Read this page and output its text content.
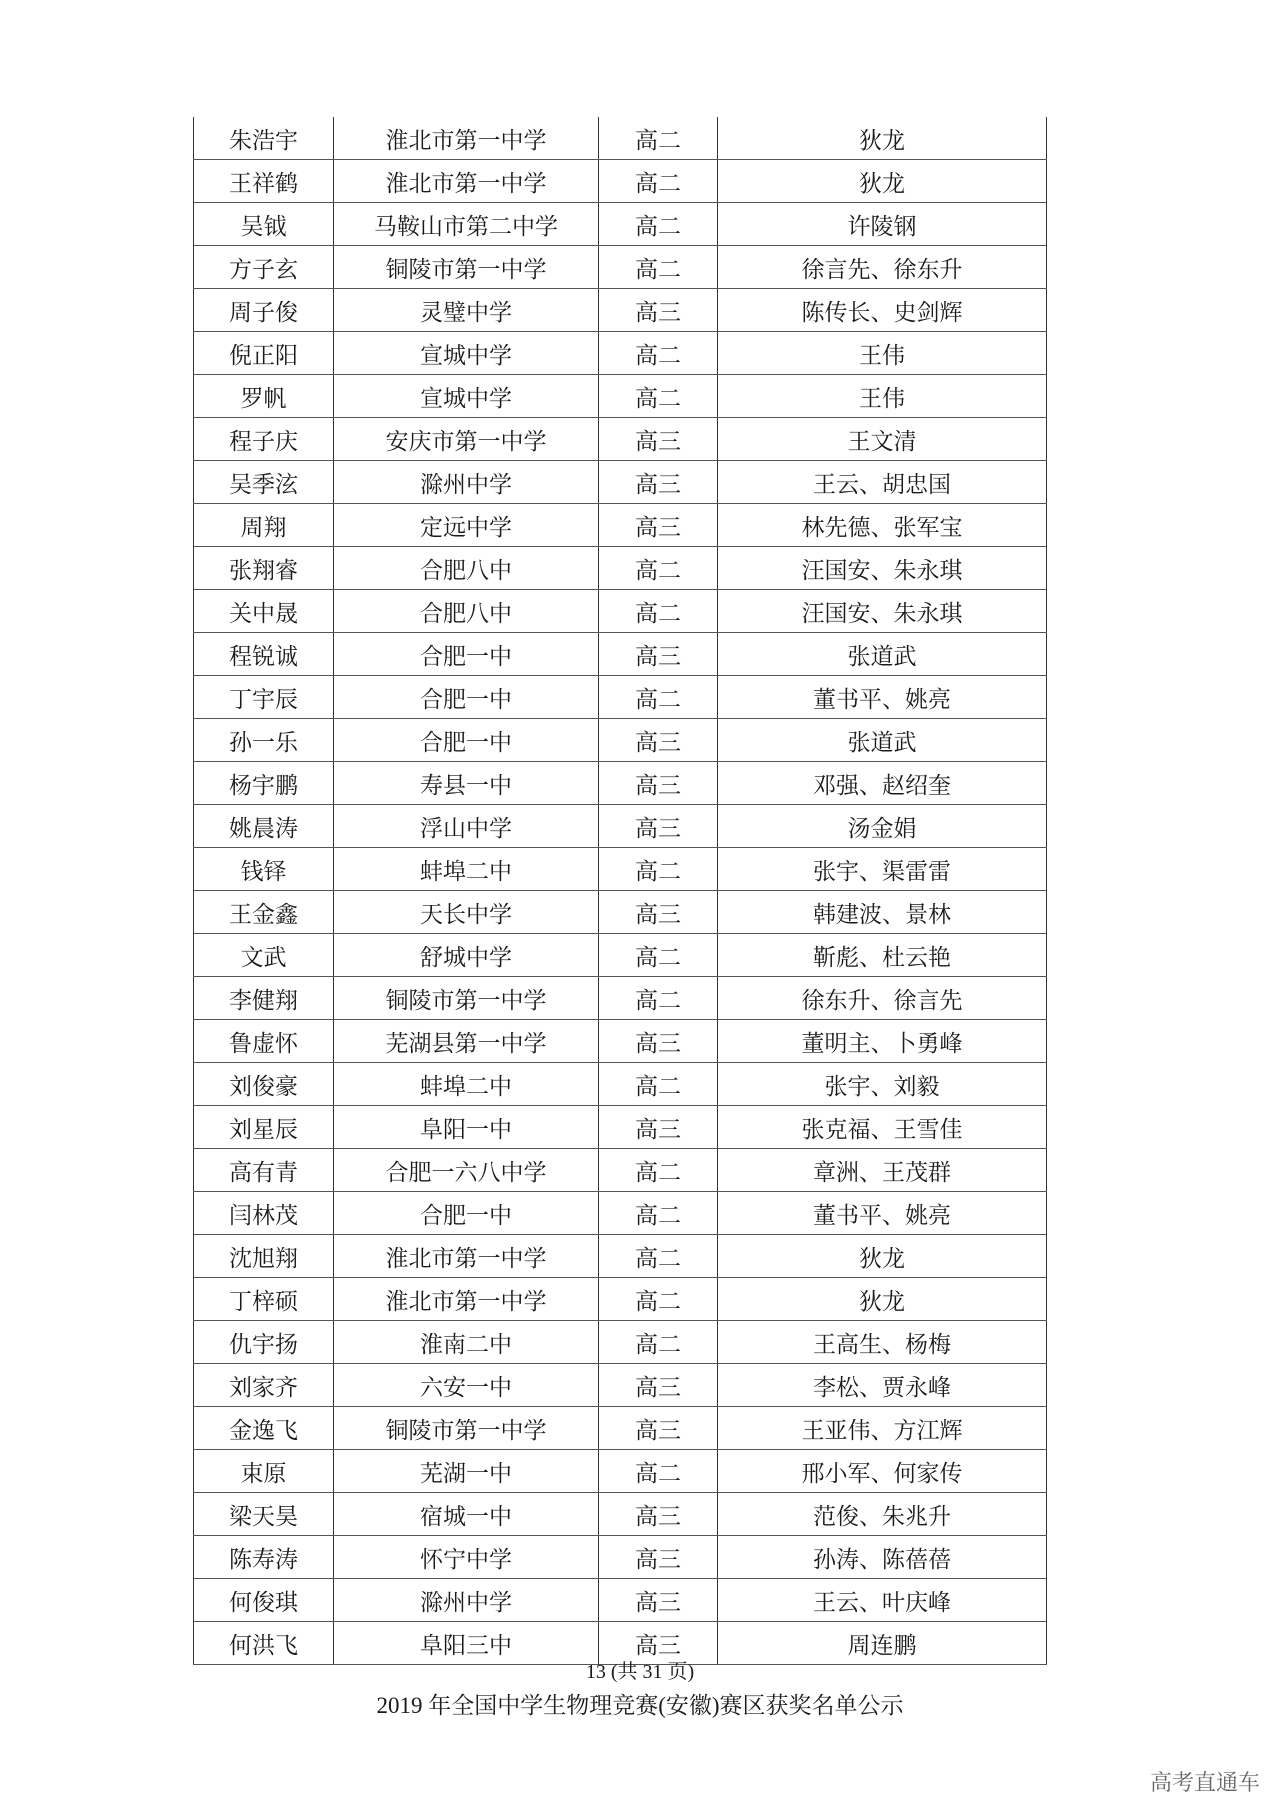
朱浩宇	淮北市第一中学	高二	狄龙
王祥鹤	淮北市第一中学	高二	狄龙
吴钺	马鞍山市第二中学	高二	许陵钢
方子玄	铜陵市第一中学	高二	徐言先、徐东升
周子俊	灵璧中学	高三	陈传长、史剑辉
倪正阳	宣城中学	高二	王伟
罗帆	宣城中学	高二	王伟
程子庆	安庆市第一中学	高三	王文清
吴季泫	滁州中学	高三	王云、胡忠国
周翔	定远中学	高三	林先德、张军宝
张翔睿	合肥八中	高二	汪国安、朱永琪
关中晟	合肥八中	高二	汪国安、朱永琪
程锐诚	合肥一中	高三	张道武
丁宇辰	合肥一中	高二	董书平、姚亮
孙一乐	合肥一中	高三	张道武
杨宇鹏	寿县一中	高三	邓强、赵绍奎
姚晨涛	浮山中学	高三	汤金娟
钱铎	蚌埠二中	高二	张宇、渠雷雷
王金鑫	天长中学	高三	韩建波、景林
文武	舒城中学	高二	靳彪、杜云艳
李健翔	铜陵市第一中学	高二	徐东升、徐言先
鲁虚怀	芜湖县第一中学	高三	董明主、卜勇峰
刘俊豪	蚌埠二中	高二	张宇、刘毅
刘星辰	阜阳一中	高三	张克福、王雪佳
高有青	合肥一六八中学	高二	章洲、王茂群
闫林茂	合肥一中	高二	董书平、姚亮
沈旭翔	淮北市第一中学	高二	狄龙
丁梓硕	淮北市第一中学	高二	狄龙
仇宇扬	淮南二中	高二	王高生、杨梅
刘家齐	六安一中	高三	李松、贾永峰
金逸飞	铜陵市第一中学	高三	王亚伟、方江辉
束原	芜湖一中	高二	邢小军、何家传
梁天昊	宿城一中	高三	范俊、朱兆升
陈寿涛	怀宁中学	高三	孙涛、陈蓓蓓
何俊琪	滁州中学	高三	王云、叶庆峰
何洪飞	阜阳三中	高三	周连鹏
13 (共 31 页)
2019 年全国中学生物理竞赛(安徽)赛区获奖名单公示
高考直通车
